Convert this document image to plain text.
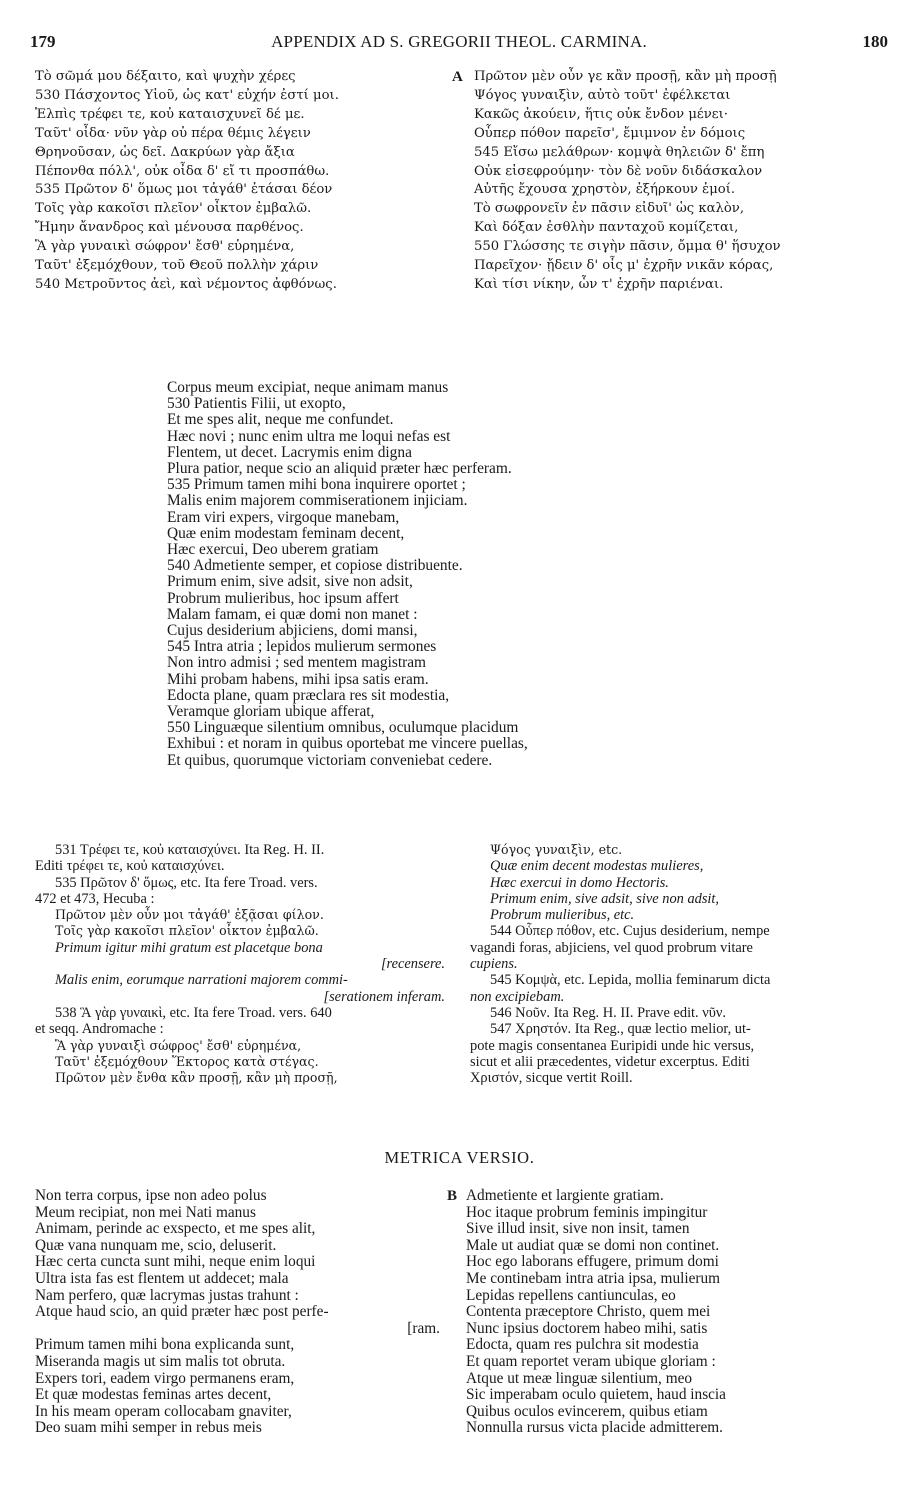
179	APPENDIX AD S. GREGORII THEOL. CARMINA.	180
Τὸ σῶμά μου δέξαιτο, καὶ ψυχὴν χέρες
530 Πάσχοντος Υἱοῦ, ὡς κατ' εὐχήν ἐστί μοι.
Ἐλπὶς τρέφει τε, κοὐ καταισχυνεῖ δέ με.
Ταῦτ' οἶδα· νῦν γὰρ οὐ πέρα θέμις λέγειν
Θρηνοῦσαν, ὡς δεῖ. Δακρύων γὰρ ἄξια
Πέπονθα πόλλ', οὐκ οἶδα δ' εἴ τι προσπάθω.
535 Πρῶτον δ' ὅμως μοι τἀγάθ' ἐτάσαι δέον
Τοῖς γὰρ κακοῖσι πλεῖον' οἶκτον ἐμβαλῶ.
Ἤμην ἄνανδρος καὶ μένουσα παρθένος.
Ἃ γὰρ γυναικὶ σώφρον' ἔσθ' εὑρημένα,
Ταῦτ' ἐξεμόχθουν, τοῦ Θεοῦ πολλὴν χάριν
540 Μετροῦντος ἀεὶ, καὶ νέμοντος ἀφθόνως.
A Πρῶτον μὲν οὖν γε κἂν προσῇ, κἂν μὴ προσῇ
Ψόγος γυναιξὶν, αὐτὸ τοῦτ' ἐφέλκεται
Κακῶς ἀκούειν, ἥτις οὐκ ἔνδον μένει·
Οὗπερ πόθον παρεῖσ', ἔμιμνον ἐν δόμοις
545 Εἴσω μελάθρων· κομψὰ θηλειῶν δ' ἔπη
Οὐκ εἰσεφρούμην· τὸν δὲ νοῦν διδάσκαλον
Αὐτῆς ἔχουσα χρηστὸν, ἐξήρκουν ἐμοί.
Τὸ σωφρονεῖν ἐν πᾶσιν εἰδυῖ' ὡς καλὸν,
Καὶ δόξαν ἐσθλὴν πανταχοῦ κομίζεται,
550 Γλώσσης τε σιγὴν πᾶσιν, ὄμμα θ' ἥσυχον
Παρεῖχον· ᾔδειν δ' οἷς μ' ἐχρῆν νικᾶν κόρας,
Καὶ τίσι νίκην, ὧν τ' ἐχρῆν παριέναι.
Corpus meum excipiat, neque animam manus
530 Patientis Filii, ut exopto,
Et me spes alit, neque me confundet.
Hæc novi ; nunc enim ultra me loqui nefas est
Flentem, ut decet. Lacrymis enim digna
Plura patior, neque scio an aliquid præter hæc perferam.
535 Primum tamen mihi bona inquirere oportet ;
Malis enim majorem commiserationem injiciam.
Eram viri expers, virgoque manebam,
Quæ enim modestam feminam decent,
Hæc exercui, Deo uberem gratiam
540 Admetiente semper, et copiose distribuente.
Primum enim, sive adsit, sive non adsit,
Probrum mulieribus, hoc ipsum affert
Malam famam, ei quæ domi non manet :
Cujus desiderium abjiciens, domi mansi,
545 Intra atria ; lepidos mulierum sermones
Non intro admisi ; sed mentem magistram
Mihi probam habens, mihi ipsa satis eram.
Edocta plane, quam præclara res sit modestia,
Veramque gloriam ubique afferat,
550 Linguæque silentium omnibus, oculumque placidum
Exhibui : et noram in quibus oportebat me vincere puellas,
Et quibus, quorumque victoriam conveniebat cedere.
531 Τρέφει τε, κοὐ καταισχύνει. Ita Reg. H. II.
Editi τρέφει τε, κοὐ καταισχύνει.
535 Πρῶτον δ' ὅμως, etc. Ita fere Troad. vers.
472 et 473, Hecuba :
Πρῶτον μὲν οὖν μοι τἀγάθ' ἐξᾷσαι φίλον.
Τοῖς γὰρ κακοῖσι πλεῖον' οἶκτον ἐμβαλῶ.
Primum igitur mihi gratum est placetque bona
[recensere.
Malis enim, eorumque narrationi majorem commi-
[serationem inferam.
538 Ἃ γὰρ γυναικὶ, etc. Ita fere Troad. vers. 640
et seqq. Andromache :
Ἃ γὰρ γυναιξὶ σώφρος' ἔσθ' εὑρημένα,
Ταῦτ' ἐξεμόχθουν Ἕκτορος κατὰ στέγας.
Πρῶτον μὲν ἔνθα κἂν προσῇ, κἂν μὴ προσῇ,
Ψόγος γυναιξὶν, etc.
Quæ enim decent modestas mulieres,
Hæc exercui in domo Hectoris.
Primum enim, sive adsit, sive non adsit,
Probrum mulieribus, etc.
544 Οὗπερ πόθον, etc. Cujus desiderium, nempe
vagandi foras, abjiciens, vel quod probrum vitare
cupiens.
545 Κομψὰ, etc. Lepida, mollia feminarum dicta
non excipiebam.
546 Νοῦν. Ita Reg. H. II. Prave edit. νῦν.
547 Χρηστόν. Ita Reg., quæ lectio melior, ut-
pote magis consentanea Euripidi unde hic versus,
sicut et alii præcedentes, videtur excerptus. Editi
Χριστόν, sicque vertit Roill.
METRICA VERSIO.
Non terra corpus, ipse non adeo polus
Meum recipiat, non mei Nati manus
Animam, perinde ac exspecto, et me spes alit,
Quæ vana nunquam me, scio, deluserit.
Hæc certa cuncta sunt mihi, neque enim loqui
Ultra ista fas est flentem ut addecet; mala
Nam perfero, quæ lacrymas justas trahunt :
Atque haud scio, an quid præter hæc post perfe-
[ram.
Primum tamen mihi bona explicanda sunt,
Miseranda magis ut sim malis tot obruta.
Expers tori, eadem virgo permanens eram,
Et quæ modestas feminas artes decent,
In his meam operam collocabam gnaviter,
Deo suam mihi semper in rebus meis
B Admetiente et largiente gratiam.
Hoc itaque probrum feminis impingitur
Sive illud insit, sive non insit, tamen
Male ut audiat quæ se domi non continet.
Hoc ego laborans effugere, primum domi
Me continebam intra atria ipsa, mulierum
Lepidas repellens cantiunculas, eo
Contenta præceptore Christo, quem mei
Nunc ipsius doctorem habeo mihi, satis
Edocta, quam res pulchra sit modestia
Et quam reportet veram ubique gloriam :
Atque ut meæ linguæ silentium, meo
Sic imperabam oculo quietem, haud inscia
Quibus oculos evincerem, quibus etiam
Nonnulla rursus victa placide admitterem.
